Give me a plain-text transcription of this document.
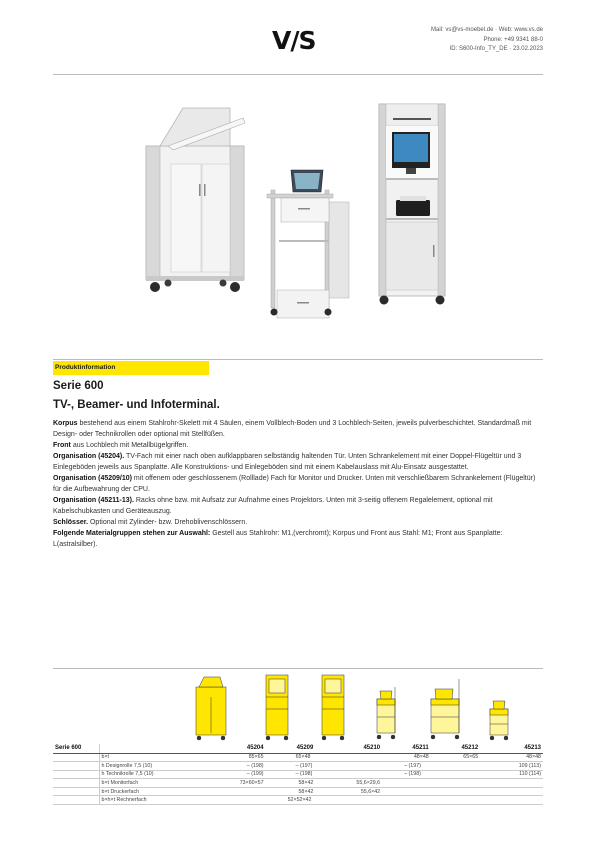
V/S	Mail: vs@vs-moebel.de · Web: www.vs.de
Phone: +49 9341 88-0
ID: S600-Info_TY_DE · 23.02.2023
Produktinformation
Serie 600
TV-, Beamer- und Infoterminal.

Korpus bestehend aus einem Stahlrohr-Skelett mit 4 Säulen, einem Vollblech-Boden und 3 Lochblech-Seiten, jeweils pulverbeschichtet. Standardmaß mit Design- oder Technikrollen oder optional mit Stellfüßen.

Front aus Lochblech mit Metallbügelgriffen.

Organisation (45204). TV-Fach mit einer nach oben aufklappbaren selbständig haltenden Tür. Unten Schrankelement mit einer Doppel-Flügeltür und 3 Einlegeböden jeweils aus Spanplatte. Alle Konstruktions- und Einlegeböden sind mit einem Kabelauslass mit Alu-Einsatz ausgestattet.

Organisation (45209/10) mit offenem oder geschlossenem (Rolllade) Fach für Monitor und Drucker. Unten mit verschließbarem Schrankelement (Flügeltür) für die Aufbewahrung der CPU.

Organisation (45211-13). Racks ohne bzw. mit Aufsatz zur Aufnahme eines Projektors. Unten mit 3-seitig offenem Regalelement, optional mit Kabelschubkasten und Geräteauszug.

Schlösser. Optional mit Zylinder- bzw. Drehoblivenschlössern.

Folgende Materialgruppen stehen zur Auswahl: Gestell aus Stahlrohr: M1,(verchromt); Korpus und Front aus Stahl: M1; Front aus Spanplatte: L(astralsilber).

Serie 600		45204	45209	45210	45211	45212	45213
	b×t	85×65	65×48		48×48	65×65	48×48
	h Designrolle 7,5 (10)	– (198)	– (197)		– (197)		109 (113)
	h Technikrolle 7,5 (10)	– (199)	– (198)		– (198)		110 (114)
	b×t Monitorfach	73×60×57	58×42	55,6×29,6			
	b×t Druckerfach		58×42	55,6×42			
	b×h×t Rechnerfach		52×52×42				
